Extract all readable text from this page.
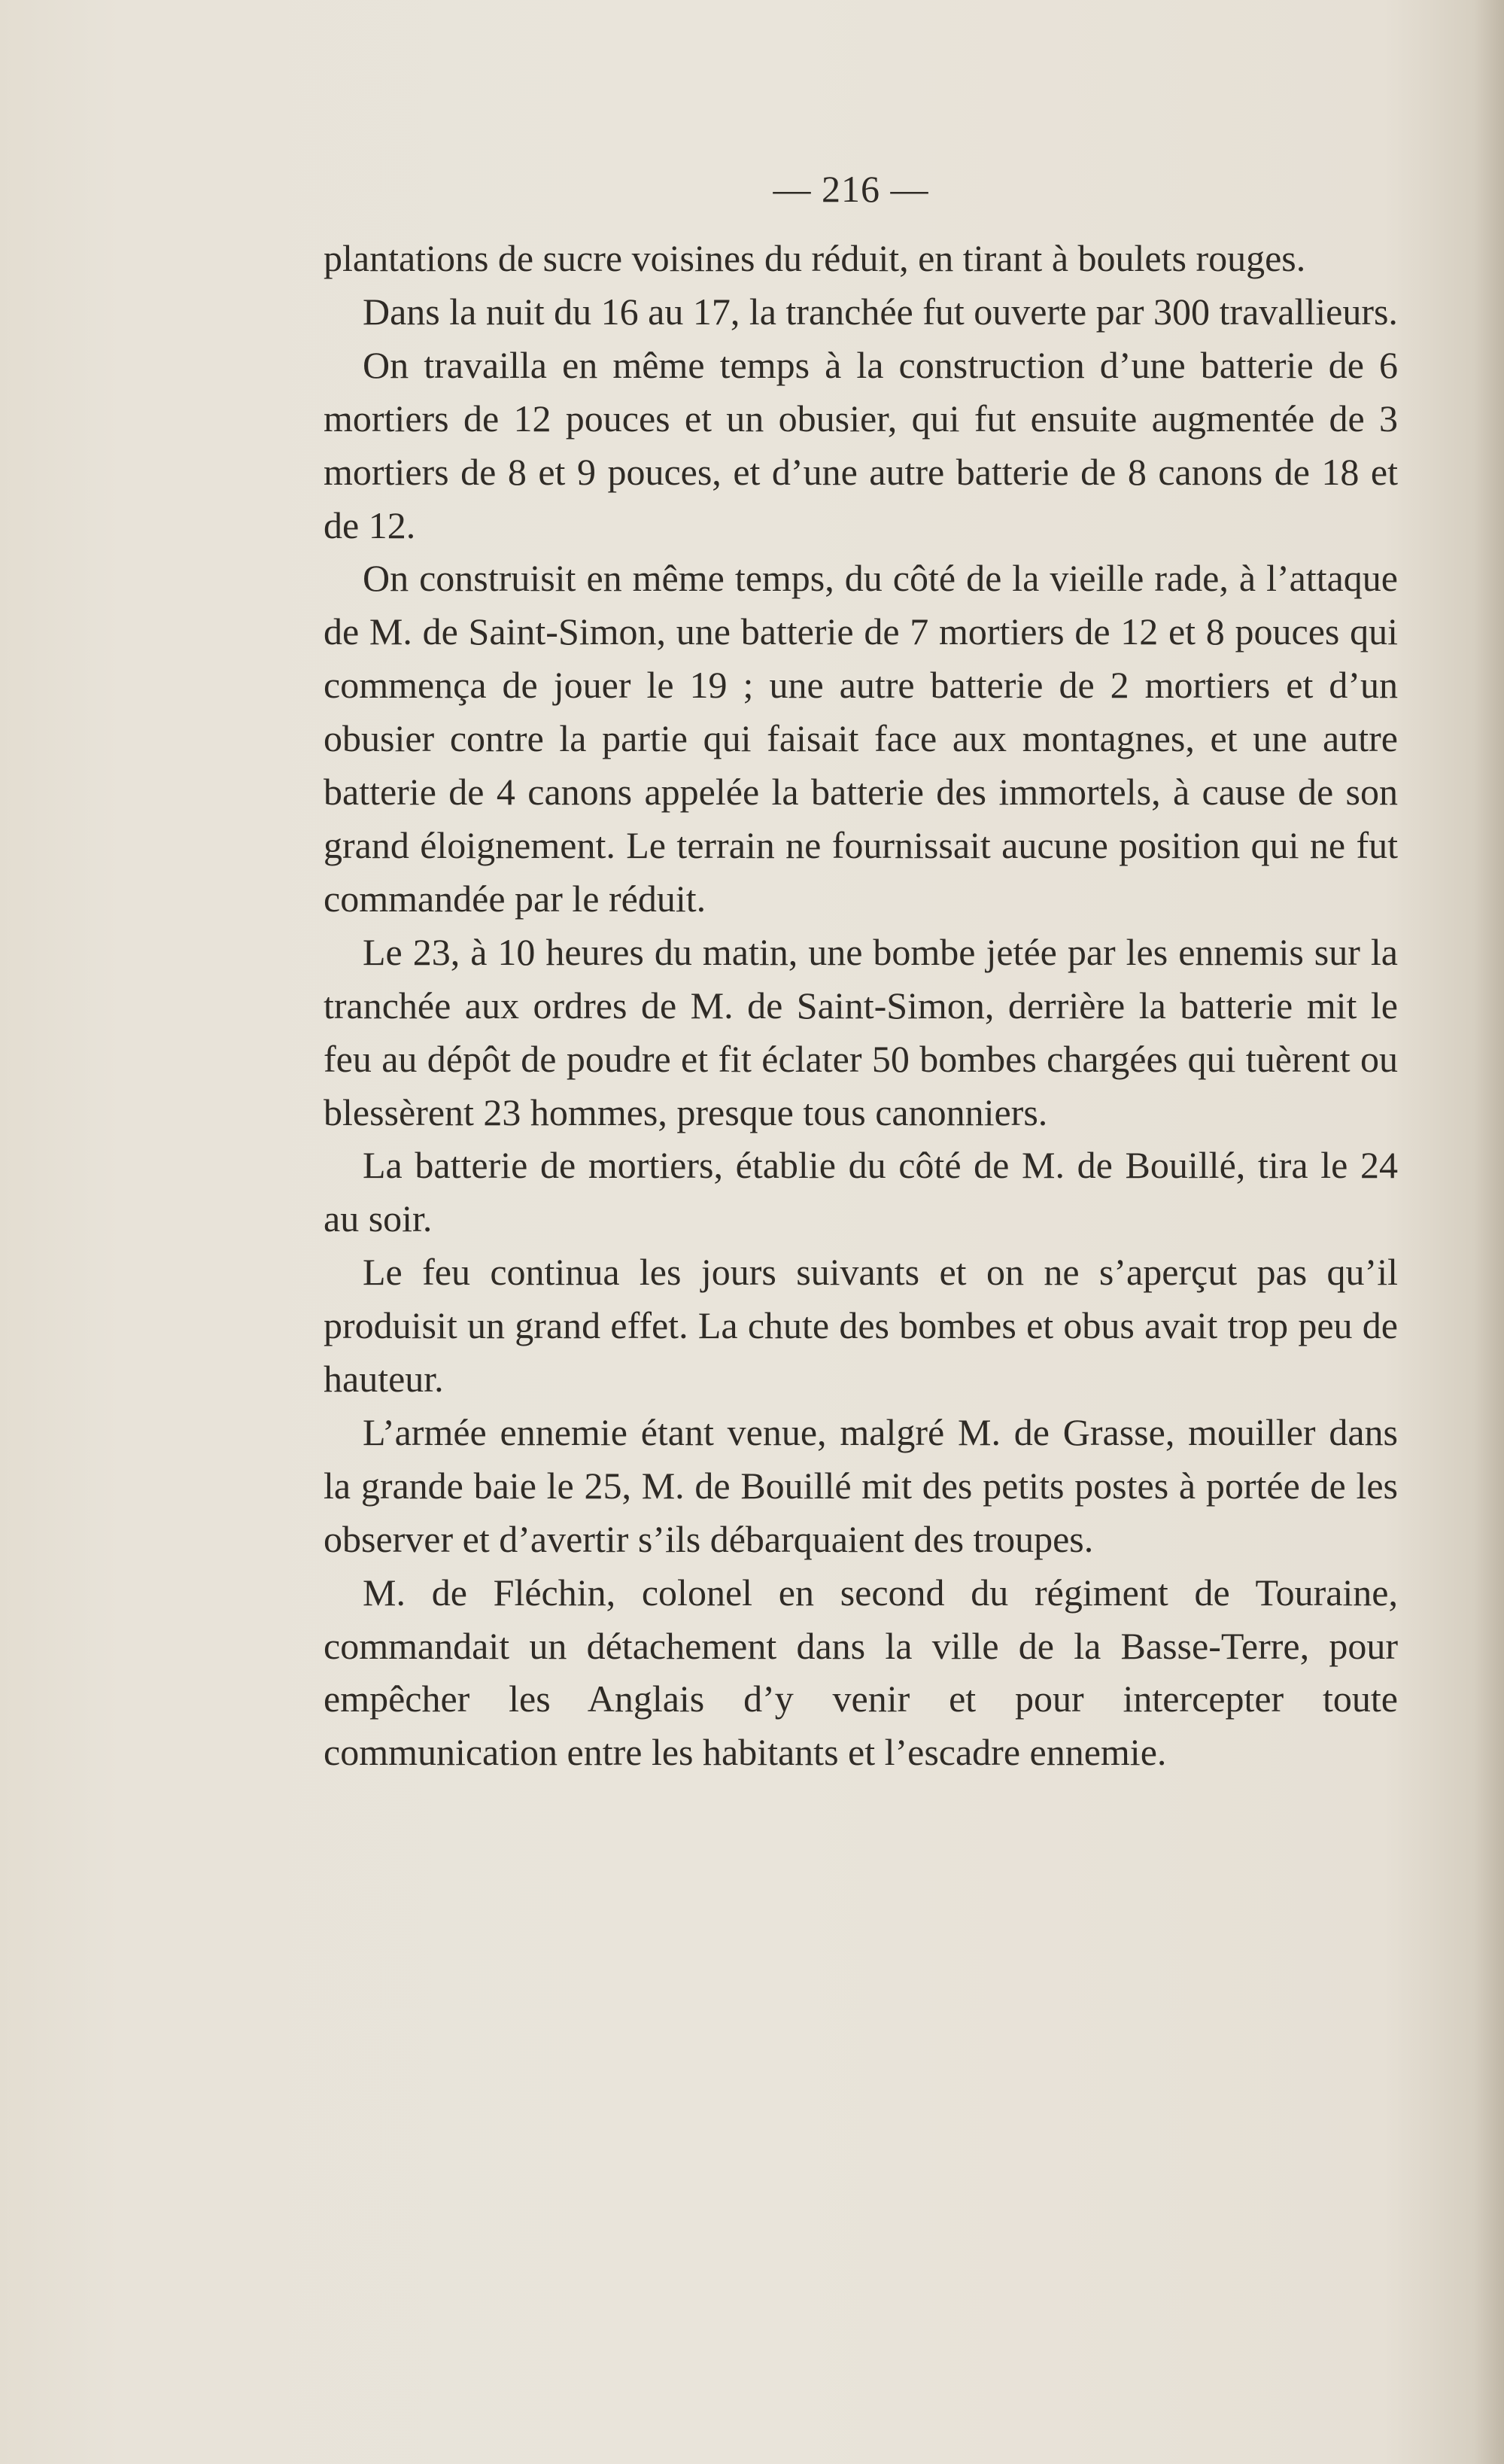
— 216 —

plantations de sucre voisines du réduit, en tirant à boulets rouges.

Dans la nuit du 16 au 17, la tranchée fut ouverte par 300 travallieurs.

On travailla en même temps à la construction d’une batterie de 6 mortiers de 12 pouces et un obusier, qui fut ensuite augmentée de 3 mortiers de 8 et 9 pouces, et d’une autre batterie de 8 canons de 18 et de 12.

On construisit en même temps, du côté de la vieille rade, à l’attaque de M. de Saint-Simon, une batterie de 7 mortiers de 12 et 8 pouces qui commença de jouer le 19 ; une autre batterie de 2 mortiers et d’un obusier contre la partie qui faisait face aux montagnes, et une autre batterie de 4 canons appelée la batterie des immortels, à cause de son grand éloignement. Le terrain ne fournissait aucune position qui ne fut commandée par le réduit.

Le 23, à 10 heures du matin, une bombe jetée par les ennemis sur la tranchée aux ordres de M. de Saint-Simon, derrière la batterie mit le feu au dépôt de poudre et fit éclater 50 bombes chargées qui tuèrent ou blessèrent 23 hommes, presque tous canonniers.

La batterie de mortiers, établie du côté de M. de Bouillé, tira le 24 au soir.

Le feu continua les jours suivants et on ne s’aperçut pas qu’il produisit un grand effet. La chute des bombes et obus avait trop peu de hauteur.

L’armée ennemie étant venue, malgré M. de Grasse, mouiller dans la grande baie le 25, M. de Bouillé mit des petits postes à portée de les observer et d’avertir s’ils débarquaient des troupes.

M. de Fléchin, colonel en second du régiment de Touraine, commandait un détachement dans la ville de la Basse-Terre, pour empêcher les Anglais d’y venir et pour intercepter toute communication entre les habitants et l’escadre ennemie.
